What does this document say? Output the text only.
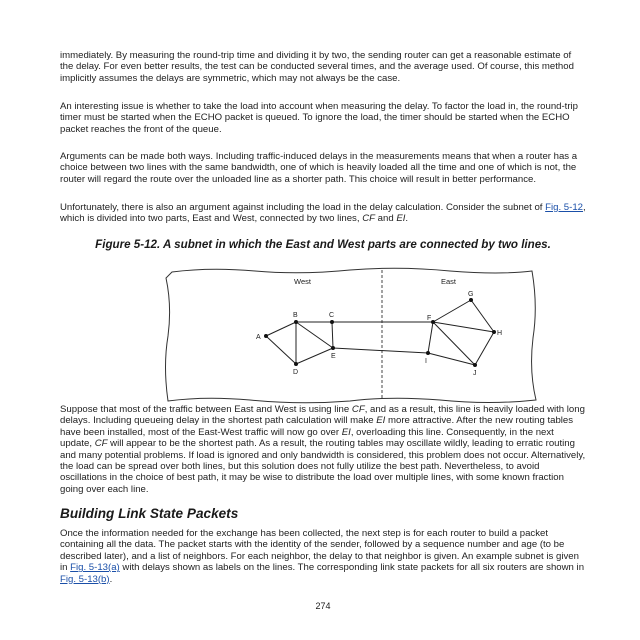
immediately. By measuring the round-trip time and dividing it by two, the sending router can get a reasonable estimate of the delay. For even better results, the test can be conducted several times, and the average used. Of course, this method implicitly assumes the delays are symmetric, which may not always be the case.

An interesting issue is whether to take the load into account when measuring the delay. To factor the load in, the round-trip timer must be started when the ECHO packet is queued. To ignore the load, the timer should be started when the ECHO packet reaches the front of the queue.

Arguments can be made both ways. Including traffic-induced delays in the measurements means that when a router has a choice between two lines with the same bandwidth, one of which is heavily loaded all the time and one of which is not, the router will regard the route over the unloaded line as a shorter path. This choice will result in better performance.

Unfortunately, there is also an argument against including the load in the delay calculation. Consider the subnet of Fig. 5-12, which is divided into two parts, East and West, connected by two lines, CF and EI.

Figure 5-12. A subnet in which the East and West parts are connected by two lines.

West	East
A
B	C
D
E
F
G
H
I
J

Suppose that most of the traffic between East and West is using line CF, and as a result, this line is heavily loaded with long delays. Including queueing delay in the shortest path calculation will make EI more attractive. After the new routing tables have been installed, most of the East-West traffic will now go over EI, overloading this line. Consequently, in the next update, CF will appear to be the shortest path. As a result, the routing tables may oscillate wildly, leading to erratic routing and many potential problems. If load is ignored and only bandwidth is considered, this problem does not occur. Alternatively, the load can be spread over both lines, but this solution does not fully utilize the best path. Nevertheless, to avoid oscillations in the choice of best path, it may be wise to distribute the load over multiple lines, with some known fraction going over each line.

Building Link State Packets

Once the information needed for the exchange has been collected, the next step is for each router to build a packet containing all the data. The packet starts with the identity of the sender, followed by a sequence number and age (to be described later), and a list of neighbors. For each neighbor, the delay to that neighbor is given. An example subnet is given in Fig. 5-13(a) with delays shown as labels on the lines. The corresponding link state packets for all six routers are shown in Fig. 5-13(b).

274
